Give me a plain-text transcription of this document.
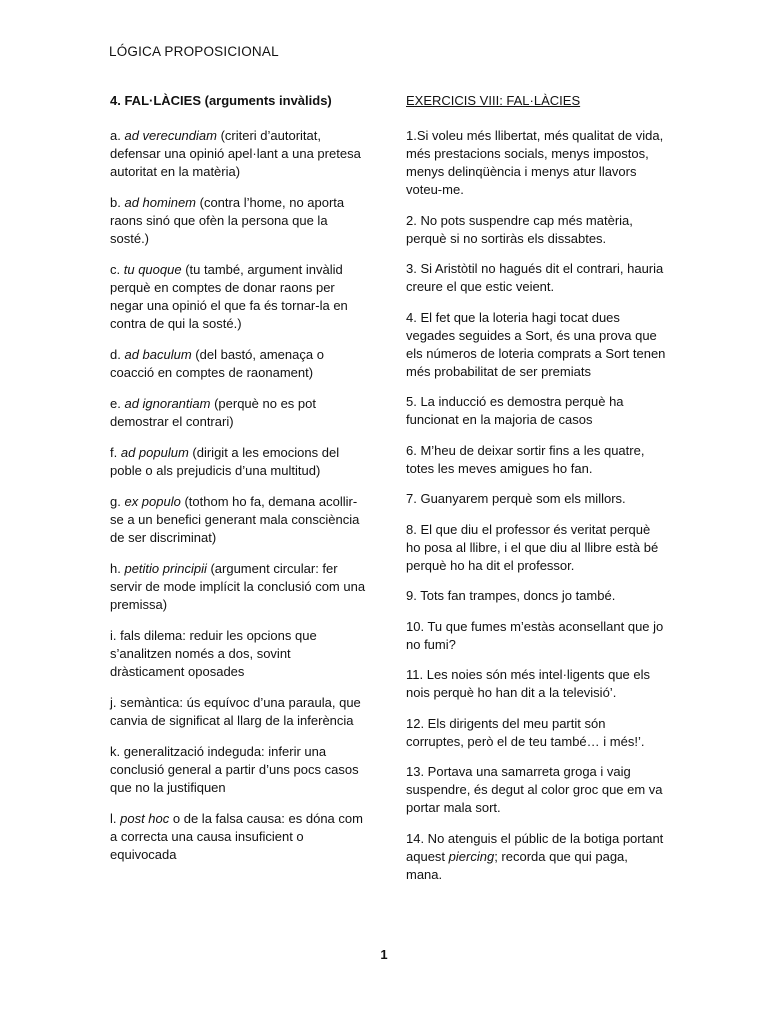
LÓGICA PROPOSICIONAL
4. FAL·LÀCIES (arguments invàlids)
a. ad verecundiam (criteri d’autoritat, defensar una opinió apel·lant a una pretesa autoritat en la matèria)
b. ad hominem (contra l’home, no aporta raons sinó que ofèn la persona que la sosté.)
c. tu quoque (tu també, argument invàlid perquè en comptes de donar raons per negar una opinió el que fa és tornar-la en contra de qui la sosté.)
d. ad baculum (del bastó, amenaça o coacció en comptes de raonament)
e. ad ignorantiam (perquè no es pot demostrar el contrari)
f. ad populum (dirigit a les emocions del poble o als prejudicis d’una multitud)
g. ex populo (tothom ho fa, demana acollir-se a un benefici generant mala consciència de ser discriminat)
h. petitio principii (argument circular: fer servir de mode implícit la conclusió com una premissa)
i. fals dilema: reduir les opcions que s’analitzen només a dos, sovint dràsticament oposades
j. semàntica: ús equívoc d’una paraula, que canvia de significat al llarg de la inferència
k. generalització indeguda: inferir una conclusió general a partir d’uns pocs casos que no la justifiquen
l. post hoc o de la falsa causa: es dóna com a correcta una causa insuficient o equivocada
EXERCICIS VIII: FAL·LÀCIES
1.Si voleu més llibertat, més qualitat de vida, més prestacions socials, menys impostos, menys delinqüència i menys atur llavors voteu-me.
2. No pots suspendre cap més matèria, perquè si no sortiràs els dissabtes.
3. Si Aristòtil no hagués dit el contrari, hauria creure el que estic veient.
4. El fet que la loteria hagi tocat dues vegades seguides a Sort, és una prova que els números de loteria comprats a Sort tenen més probabilitat de ser premiats
5. La inducció es demostra perquè ha funcionat en la majoria de casos
6. M’heu de deixar sortir fins a les quatre, totes les meves amigues ho fan.
7. Guanyarem perquè som els millors.
8. El que diu el professor és veritat perquè ho posa al llibre, i el que diu al llibre està bé perquè ho ha dit el professor.
9. Tots fan trampes, doncs jo també.
10. Tu que fumes m’estàs aconsellant que jo no fumi?
11. Les noies són més intel·ligents que els nois perquè ho han dit a la televisió’.
12. Els dirigents del meu partit són corruptes, però el de teu també… i més!’.
13. Portava una samarreta groga i vaig suspendre, és degut al color groc que em va portar mala sort.
14. No atenguis el públic de la botiga portant aquest piercing; recorda que qui paga, mana.
1
